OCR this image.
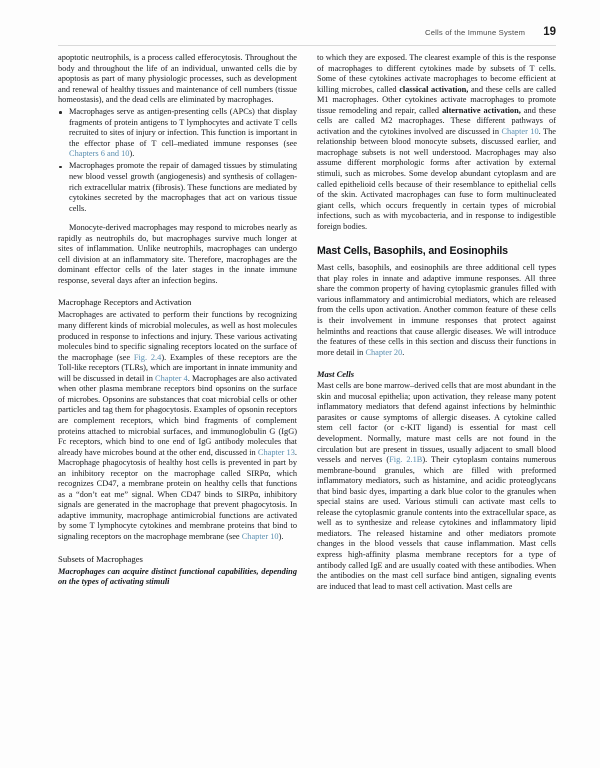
Cells of the Immune System 19

apoptotic neutrophils, is a process called efferocytosis. Throughout the body and throughout the life of an individual, unwanted cells die by apoptosis as part of many physiologic processes, such as development and renewal of healthy tissues and maintenance of cell numbers (tissue homeostasis), and the dead cells are eliminated by macrophages.

Macrophages serve as antigen-presenting cells (APCs) that display fragments of protein antigens to T lymphocytes and activate T cells recruited to sites of injury or infection. This function is important in the effector phase of T cell–mediated immune responses (see Chapters 6 and 10).
Macrophages promote the repair of damaged tissues by stimulating new blood vessel growth (angiogenesis) and synthesis of collagen-rich extracellular matrix (fibrosis). These functions are mediated by cytokines secreted by the macrophages that act on various tissue cells.

Monocyte-derived macrophages may respond to microbes nearly as rapidly as neutrophils do, but macrophages survive much longer at sites of inflammation. Unlike neutrophils, macrophages can undergo cell division at an inflammatory site. Therefore, macrophages are the dominant effector cells of the later stages in the innate immune response, several days after an infection begins.

Macrophage Receptors and Activation

Macrophages are activated to perform their functions by recognizing many different kinds of microbial molecules, as well as host molecules produced in response to infections and injury. These various activating molecules bind to specific signaling receptors located on the surface of the macrophage (see Fig. 2.4). Examples of these receptors are the Toll-like receptors (TLRs), which are important in innate immunity and will be discussed in detail in Chapter 4. Macrophages are also activated when other plasma membrane receptors bind opsonins on the surface of microbes. Opsonins are substances that coat microbial cells or other particles and tag them for phagocytosis. Examples of opsonin receptors are complement receptors, which bind fragments of complement proteins attached to microbial surfaces, and immunoglobulin G (IgG) Fc receptors, which bind to one end of IgG antibody molecules that already have microbes bound at the other end, discussed in Chapter 13. Macrophage phagocytosis of healthy host cells is prevented in part by an inhibitory receptor on the macrophage called SIRPα, which recognizes CD47, a membrane protein on healthy cells that functions as a “don’t eat me” signal. When CD47 binds to SIRPα, inhibitory signals are generated in the macrophage that prevent phagocytosis. In adaptive immunity, macrophage antimicrobial functions are activated by some T lymphocyte cytokines and membrane proteins that bind to signaling receptors on the macrophage membrane (see Chapter 10).

Subsets of Macrophages

Macrophages can acquire distinct functional capabilities, depending on the types of activating stimuli

to which they are exposed. The clearest example of this is the response of macrophages to different cytokines made by subsets of T cells. Some of these cytokines activate macrophages to become efficient at killing microbes, called classical activation, and these cells are called M1 macrophages. Other cytokines activate macrophages to promote tissue remodeling and repair, called alternative activation, and these cells are called M2 macrophages. These different pathways of activation and the cytokines involved are discussed in Chapter 10. The relationship between blood monocyte subsets, discussed earlier, and macrophage subsets is not well understood. Macrophages may also assume different morphologic forms after activation by external stimuli, such as microbes. Some develop abundant cytoplasm and are called epithelioid cells because of their resemblance to epithelial cells of the skin. Activated macrophages can fuse to form multinucleated giant cells, which occurs frequently in certain types of microbial infections, such as with mycobacteria, and in response to indigestible foreign bodies.

Mast Cells, Basophils, and Eosinophils

Mast cells, basophils, and eosinophils are three additional cell types that play roles in innate and adaptive immune responses. All three share the common property of having cytoplasmic granules filled with various inflammatory and antimicrobial mediators, which are released from the cells upon activation. Another common feature of these cells is their involvement in immune responses that protect against helminths and reactions that cause allergic diseases. We will introduce the features of these cells in this section and discuss their functions in more detail in Chapter 20.

Mast Cells

Mast cells are bone marrow–derived cells that are most abundant in the skin and mucosal epithelia; upon activation, they release many potent inflammatory mediators that defend against infections by helminthic parasites or cause symptoms of allergic diseases. A cytokine called stem cell factor (or c-KIT ligand) is essential for mast cell development. Normally, mature mast cells are not found in the circulation but are present in tissues, usually adjacent to small blood vessels and nerves (Fig. 2.1B). Their cytoplasm contains numerous membrane-bound granules, which are filled with preformed inflammatory mediators, such as histamine, and acidic proteoglycans that bind basic dyes, imparting a dark blue color to the granules when special stains are used. Various stimuli can activate mast cells to release the cytoplasmic granule contents into the extracellular space, as well as to synthesize and release cytokines and inflammatory lipid mediators. The released histamine and other mediators promote changes in the blood vessels that cause inflammation. Mast cells express high-affinity plasma membrane receptors for a type of antibody called IgE and are usually coated with these antibodies. When the antibodies on the mast cell surface bind antigen, signaling events are induced that lead to mast cell activation. Mast cells are
